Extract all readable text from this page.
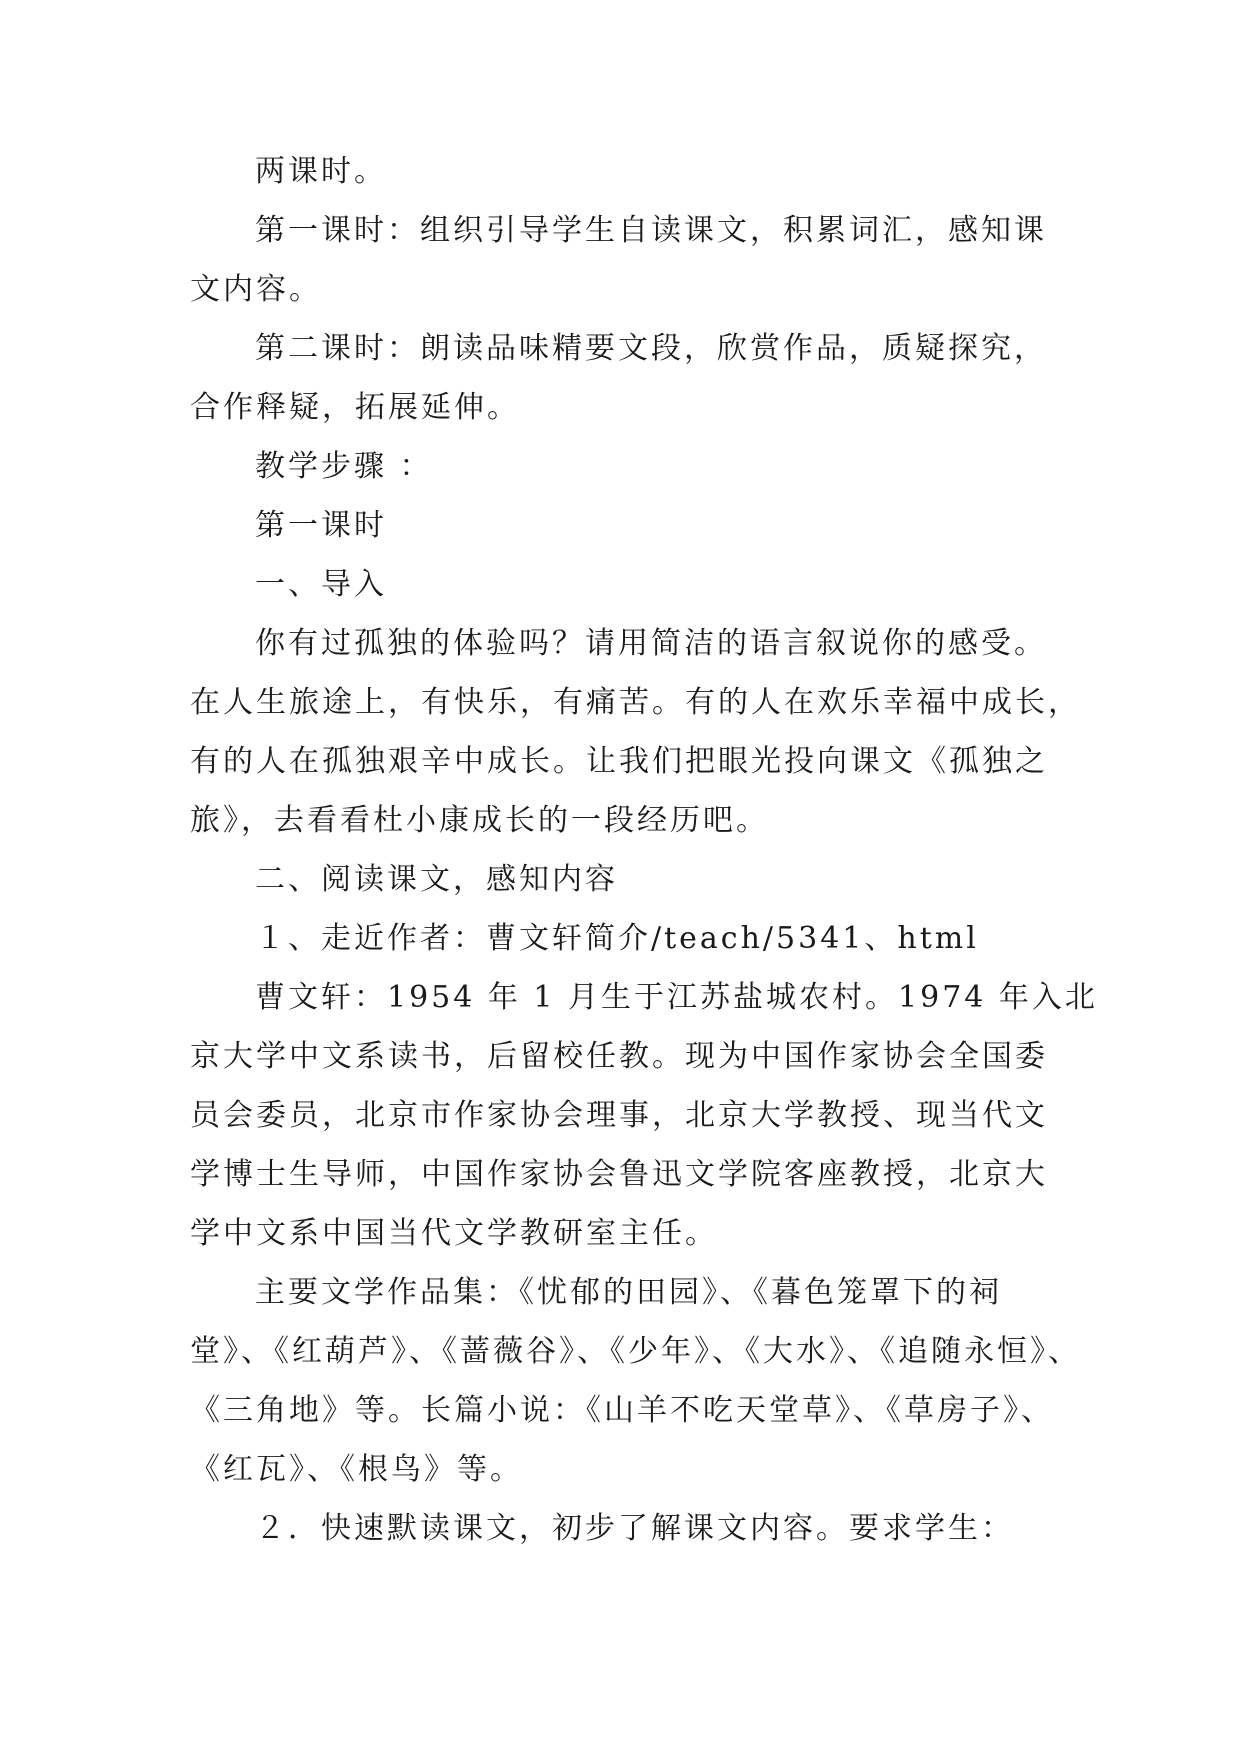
两课时。
第一课时：组织引导学生自读课文，积累词汇，感知课
文内容。
第二课时：朗读品味精要文段，欣赏作品，质疑探究，
合作释疑，拓展延伸。
教学步骤 ：
第一课时
一、导入
你有过孤独的体验吗？请用简洁的语言叙说你的感受。
在人生旅途上，有快乐，有痛苦。有的人在欢乐幸福中成长，
有的人在孤独艰辛中成长。让我们把眼光投向课文《孤独之
旅》，去看看杜小康成长的一段经历吧。
二、阅读课文，感知内容
１、走近作者：曹文轩简介/teach/5341、html
曹文轩：1954 年 1 月生于江苏盐城农村。1974 年入北
京大学中文系读书，后留校任教。现为中国作家协会全国委
员会委员，北京市作家协会理事，北京大学教授、现当代文
学博士生导师，中国作家协会鲁迅文学院客座教授，北京大
学中文系中国当代文学教研室主任。
主要文学作品集：《忧郁的田园》、《暮色笼罩下的祠
堂》、《红葫芦》、《蔷薇谷》、《少年》、《大水》、《追随永恒》、
《三角地》等。长篇小说：《山羊不吃天堂草》、《草房子》、
《红瓦》、《根鸟》等。
２．快速默读课文，初步了解课文内容。要求学生：
